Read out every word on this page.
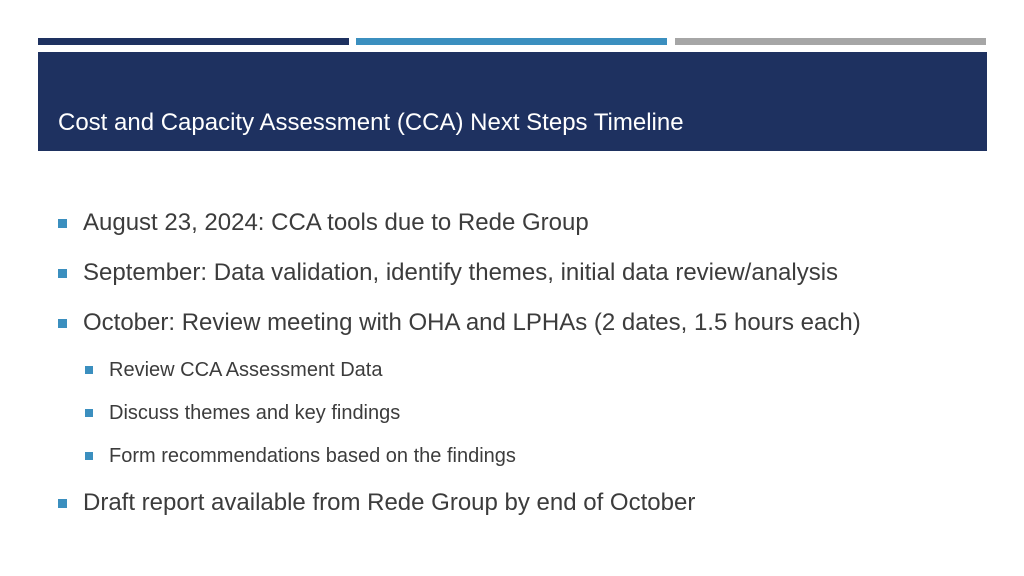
Cost and Capacity Assessment (CCA) Next Steps Timeline
August 23, 2024: CCA tools due to Rede Group
September: Data validation, identify themes, initial data review/analysis
October: Review meeting with OHA and LPHAs (2 dates, 1.5 hours each)
Review CCA Assessment Data
Discuss themes and key findings
Form recommendations based on the findings
Draft report available from Rede Group by end of October
